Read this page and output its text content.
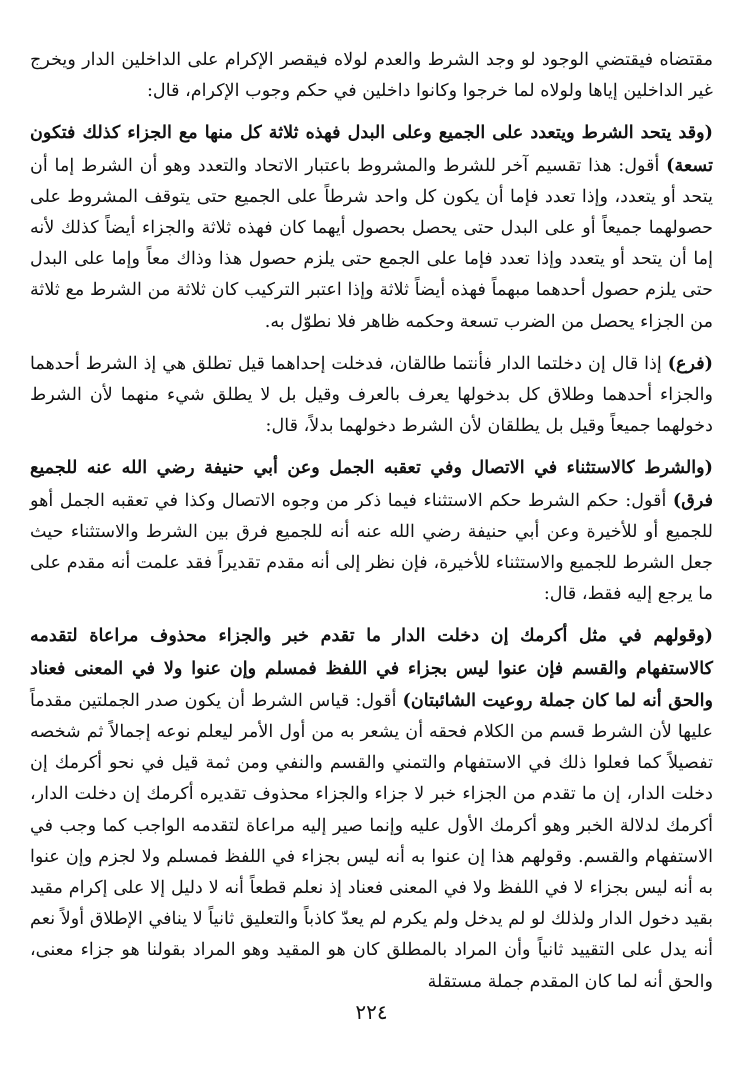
مقتضاه فيقتضي الوجود لو وجد الشرط والعدم لولاه فيقصر الإكرام على الداخلين الدار ويخرج غير الداخلين إياها ولولاه لما خرجوا وكانوا داخلين في حكم وجوب الإكرام، قال:

(وقد يتحد الشرط ويتعدد على الجميع وعلى البدل فهذه ثلاثة كل منها مع الجزاء كذلك فتكون تسعة) أقول: هذا تقسيم آخر للشرط والمشروط باعتبار الاتحاد والتعدد وهو أن الشرط إما أن يتحد أو يتعدد، وإذا تعدد فإما أن يكون كل واحد شرطاً على الجميع حتى يتوقف المشروط على حصولهما جميعاً أو على البدل حتى يحصل بحصول أيهما كان فهذه ثلاثة والجزاء أيضاً كذلك لأنه إما أن يتحد أو يتعدد وإذا تعدد فإما على الجمع حتى يلزم حصول هذا وذاك معاً وإما على البدل حتى يلزم حصول أحدهما مبهماً فهذه أيضاً ثلاثة وإذا اعتبر التركيب كان ثلاثة من الشرط مع ثلاثة من الجزاء يحصل من الضرب تسعة وحكمه ظاهر فلا نطوّل به.

(فرع) إذا قال إن دخلتما الدار فأنتما طالقان، فدخلت إحداهما قيل تطلق هي إذ الشرط أحدهما والجزاء أحدهما وطلاق كل بدخولها يعرف بالعرف وقيل بل لا يطلق شيء منهما لأن الشرط دخولهما جميعاً وقيل بل يطلقان لأن الشرط دخولهما بدلاً، قال:

(والشرط كالاستثناء في الاتصال وفي تعقبه الجمل وعن أبي حنيفة رضي الله عنه للجميع فرق) أقول: حكم الشرط حكم الاستثناء فيما ذكر من وجوه الاتصال وكذا في تعقبه الجمل أهو للجميع أو للأخيرة وعن أبي حنيفة رضي الله عنه أنه للجميع فرق بين الشرط والاستثناء حيث جعل الشرط للجميع والاستثناء للأخيرة، فإن نظر إلى أنه مقدم تقديراً فقد علمت أنه مقدم على ما يرجع إليه فقط، قال:

(وقولهم في مثل أكرمك إن دخلت الدار ما تقدم خبر والجزاء محذوف مراعاة لتقدمه كالاستفهام والقسم فإن عنوا ليس بجزاء في اللفظ فمسلم وإن عنوا ولا في المعنى فعناد والحق أنه لما كان جملة روعيت الشائبتان) أقول: قياس الشرط أن يكون صدر الجملتين مقدماً عليها لأن الشرط قسم من الكلام فحقه أن يشعر به من أول الأمر ليعلم نوعه إجمالاً ثم شخصه تفصيلاً كما فعلوا ذلك في الاستفهام والتمني والقسم والنفي ومن ثمة قيل في نحو أكرمك إن دخلت الدار، إن ما تقدم من الجزاء خبر لا جزاء والجزاء محذوف تقديره أكرمك إن دخلت الدار، أكرمك لدلالة الخبر وهو أكرمك الأول عليه وإنما صير إليه مراعاة لتقدمه الواجب كما وجب في الاستفهام والقسم. وقولهم هذا إن عنوا به أنه ليس بجزاء في اللفظ فمسلم ولا لجزم وإن عنوا به أنه ليس بجزاء لا في اللفظ ولا في المعنى فعناد إذ نعلم قطعاً أنه لا دليل إلا على إكرام مقيد بقيد دخول الدار ولذلك لو لم يدخل ولم يكرم لم يعدّ كاذباً والتعليق ثانياً لا ينافي الإطلاق أولاً نعم أنه يدل على التقييد ثانياً وأن المراد بالمطلق كان هو المقيد وهو المراد بقولنا هو جزاء معنى، والحق أنه لما كان المقدم جملة مستقلة

٢٢٤
